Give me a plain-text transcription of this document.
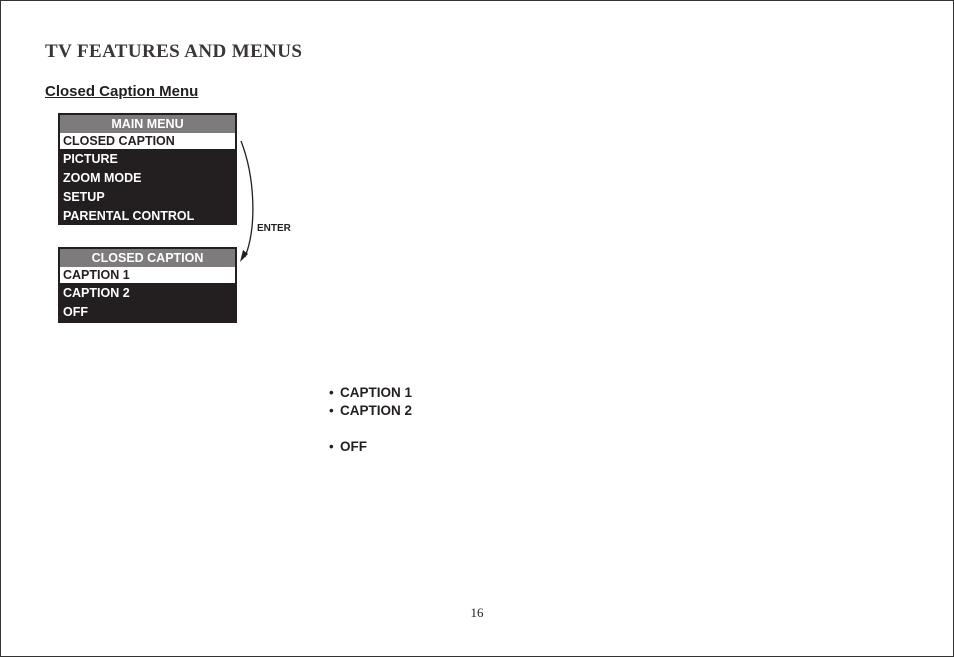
TV FEATURES AND MENUS
Closed Caption Menu
MAIN MENU
CLOSED CAPTION
PICTURE
ZOOM MODE
SETUP
PARENTAL CONTROL
ENTER
CLOSED CAPTION
CAPTION 1
CAPTION 2
OFF
• CAPTION 1
• CAPTION 2
• OFF
16
